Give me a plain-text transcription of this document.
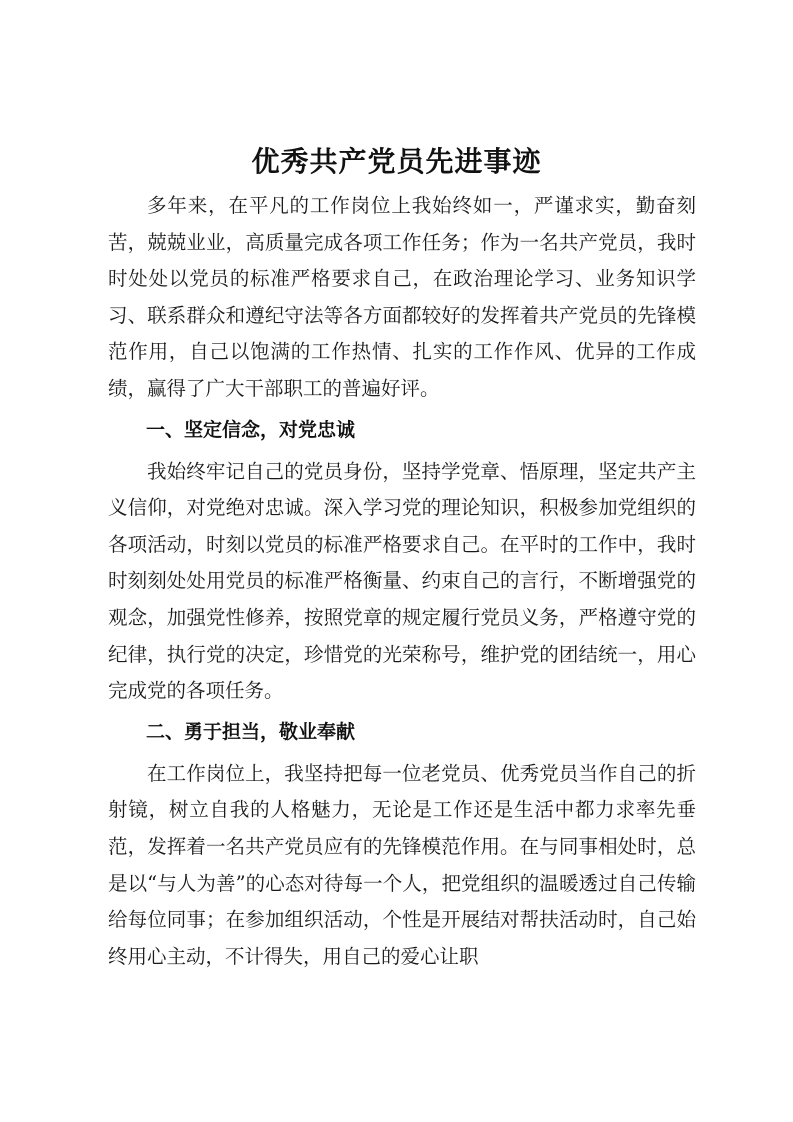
优秀共产党员先进事迹

多年来，在平凡的工作岗位上我始终如一，严谨求实，勤奋刻苦，兢兢业业，高质量完成各项工作任务；作为一名共产党员，我时时处处以党员的标准严格要求自己，在政治理论学习、业务知识学习、联系群众和遵纪守法等各方面都较好的发挥着共产党员的先锋模范作用，自己以饱满的工作热情、扎实的工作作风、优异的工作成绩，赢得了广大干部职工的普遍好评。

一、坚定信念，对党忠诚

我始终牢记自己的党员身份，坚持学党章、悟原理，坚定共产主义信仰，对党绝对忠诚。深入学习党的理论知识，积极参加党组织的各项活动，时刻以党员的标准严格要求自己。在平时的工作中，我时时刻刻处处用党员的标准严格衡量、约束自己的言行，不断增强党的观念，加强党性修养，按照党章的规定履行党员义务，严格遵守党的纪律，执行党的决定，珍惜党的光荣称号，维护党的团结统一，用心完成党的各项任务。

二、勇于担当，敬业奉献

在工作岗位上，我坚持把每一位老党员、优秀党员当作自己的折射镜，树立自我的人格魅力，无论是工作还是生活中都力求率先垂范，发挥着一名共产党员应有的先锋模范作用。在与同事相处时，总是以“与人为善”的心态对待每一个人，把党组织的温暖透过自己传输给每位同事；在参加组织活动，个性是开展结对帮扶活动时，自己始终用心主动，不计得失，用自己的爱心让职
